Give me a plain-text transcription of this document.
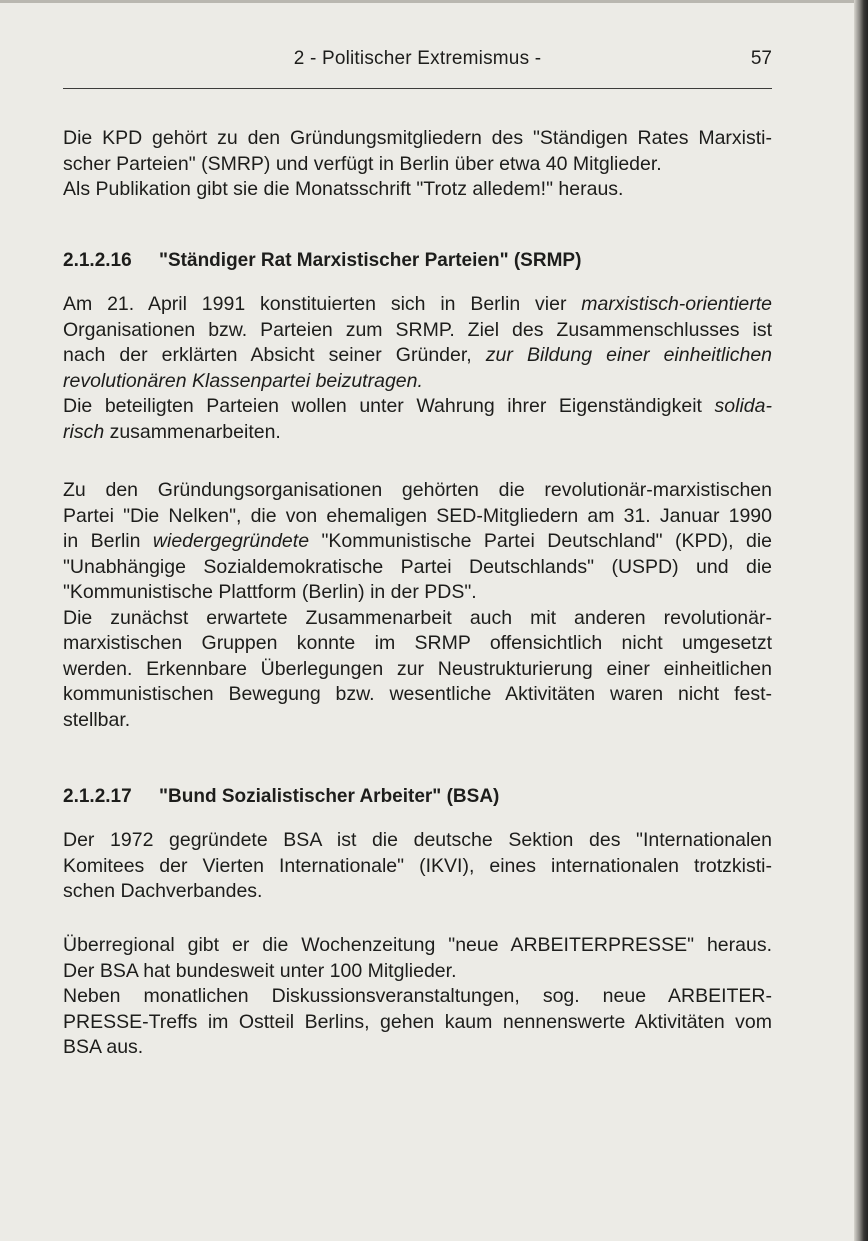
2 - Politischer Extremismus -	57
Die KPD gehört zu den Gründungsmitgliedern des "Ständigen Rates Marxisti-
scher Parteien" (SMRP) und verfügt in Berlin über etwa 40 Mitglieder.
Als Publikation gibt sie die Monatsschrift "Trotz alledem!" heraus.
2.1.2.16 "Ständiger Rat Marxistischer Parteien" (SRMP)
Am 21. April 1991 konstituierten sich in Berlin vier marxistisch-orientierte
Organisationen bzw. Parteien zum SRMP. Ziel des Zusammenschlusses ist
nach der erklärten Absicht seiner Gründer, zur Bildung einer einheitlichen
revolutionären Klassenpartei beizutragen.
Die beteiligten Parteien wollen unter Wahrung ihrer Eigenständigkeit solida-
risch zusammenarbeiten.
Zu den Gründungsorganisationen gehörten die revolutionär-marxistischen
Partei "Die Nelken", die von ehemaligen SED-Mitgliedern am 31. Januar 1990
in Berlin wiedergegründete "Kommunistische Partei Deutschland" (KPD), die
"Unabhängige Sozialdemokratische Partei Deutschlands" (USPD) und die
"Kommunistische Plattform (Berlin) in der PDS".
Die zunächst erwartete Zusammenarbeit auch mit anderen revolutionär-
marxistischen Gruppen konnte im SRMP offensichtlich nicht umgesetzt
werden. Erkennbare Überlegungen zur Neustrukturierung einer einheitlichen
kommunistischen Bewegung bzw. wesentliche Aktivitäten waren nicht fest-
stellbar.
2.1.2.17 "Bund Sozialistischer Arbeiter" (BSA)
Der 1972 gegründete BSA ist die deutsche Sektion des "Internationalen
Komitees der Vierten Internationale" (IKVI), eines internationalen trotzkisti-
schen Dachverbandes.
Überregional gibt er die Wochenzeitung "neue ARBEITERPRESSE" heraus.
Der BSA hat bundesweit unter 100 Mitglieder.
Neben monatlichen Diskussionsveranstaltungen, sog. neue ARBEITER-
PRESSE-Treffs im Ostteil Berlins, gehen kaum nennenswerte Aktivitäten vom
BSA aus.
